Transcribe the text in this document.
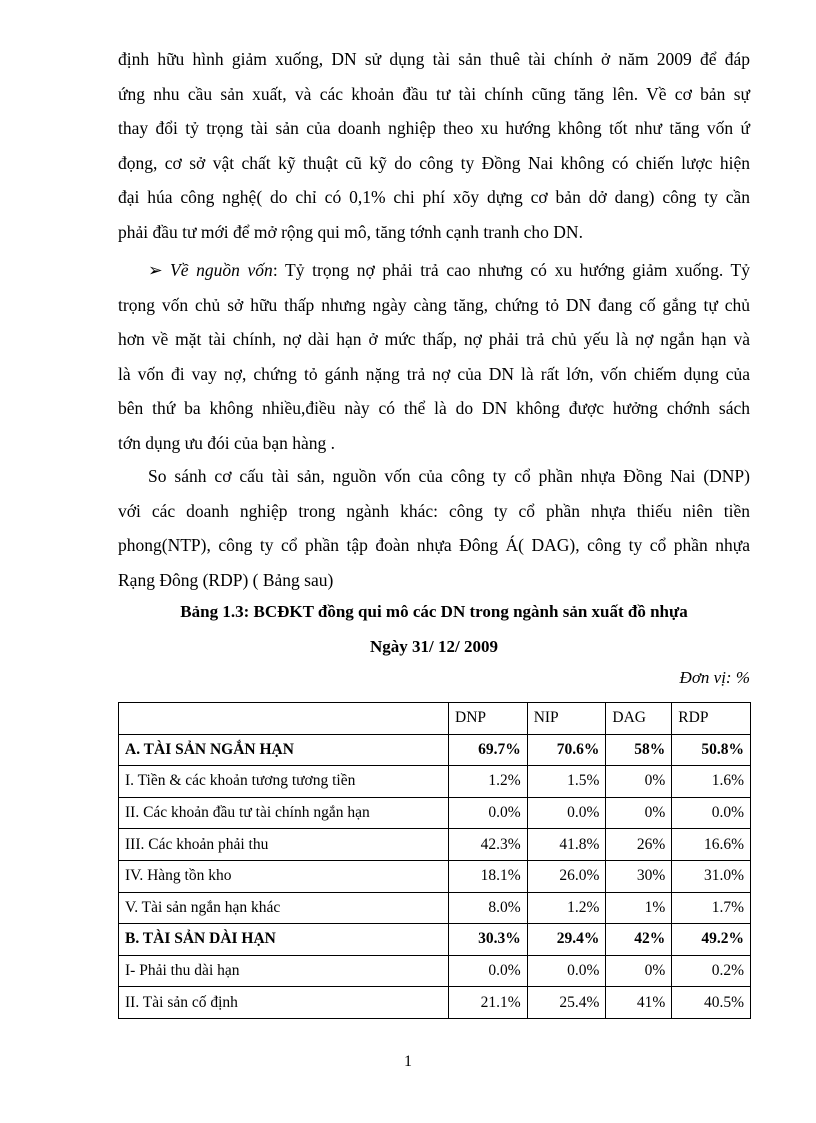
định hữu hình giảm xuống, DN sử dụng tài sản thuê tài chính ở năm 2009 để đáp
ứng nhu cầu sản xuất, và các khoản đầu tư tài chính cũng tăng lên. Về cơ bản sự
thay đổi tỷ trọng tài sản của doanh nghiệp theo xu hướng không tốt như tăng vốn ứ
đọng, cơ sở vật chất kỹ thuật cũ kỹ do công ty Đồng Nai không có chiến lược hiện
đại húa công nghệ( do chỉ có 0,1% chi phí xõy dựng cơ bản dở dang) công ty cần
phải đầu tư mới để mở rộng qui mô, tăng tớnh cạnh tranh cho DN.
➢ Về nguồn vốn: Tỷ trọng nợ phải trả cao nhưng có xu hướng giảm xuống. Tỷ
trọng vốn chủ sở hữu thấp nhưng ngày càng tăng, chứng tỏ DN đang cố gắng tự chủ
hơn về mặt tài chính, nợ dài hạn ở mức thấp, nợ phải trả chủ yếu là nợ ngắn hạn và
là vốn đi vay nợ, chứng tỏ gánh nặng trả nợ của DN là rất lớn, vốn chiếm dụng của
bên thứ ba không nhiều,điều này có thể là do DN không được hưởng chớnh sách
tớn dụng ưu đói của bạn hàng .
So sánh cơ cấu tài sản, nguồn vốn của công ty cổ phần nhựa Đồng Nai (DNP)
với các doanh nghiệp trong ngành khác: công ty cổ phần nhựa thiếu niên tiền
phong(NTP), công ty cổ phần tập đoàn nhựa Đông Á( DAG), công ty cổ phần nhựa
Rạng Đông (RDP) ( Bảng sau)

Bảng 1.3: BCĐKT đồng qui mô các DN trong ngành sản xuất đồ nhựa

Ngày 31/ 12/ 2009

Đơn vị: %
	DNP	NIP	DAG	RDP
A. TÀI SẢN NGẮN HẠN	69.7%	70.6%	58%	50.8%
I. Tiền & các khoản tương tương tiền	1.2%	1.5%	0%	1.6%
II. Các khoản đầu tư tài chính ngắn hạn	0.0%	0.0%	0%	0.0%
III. Các khoản phải thu	42.3%	41.8%	26%	16.6%
IV. Hàng tồn kho	18.1%	26.0%	30%	31.0%
V. Tài sản ngắn hạn khác	8.0%	1.2%	1%	1.7%
B. TÀI SẢN DÀI HẠN	30.3%	29.4%	42%	49.2%
I- Phải thu dài hạn	0.0%	0.0%	0%	0.2%
II. Tài sản cố định	21.1%	25.4%	41%	40.5%
1
